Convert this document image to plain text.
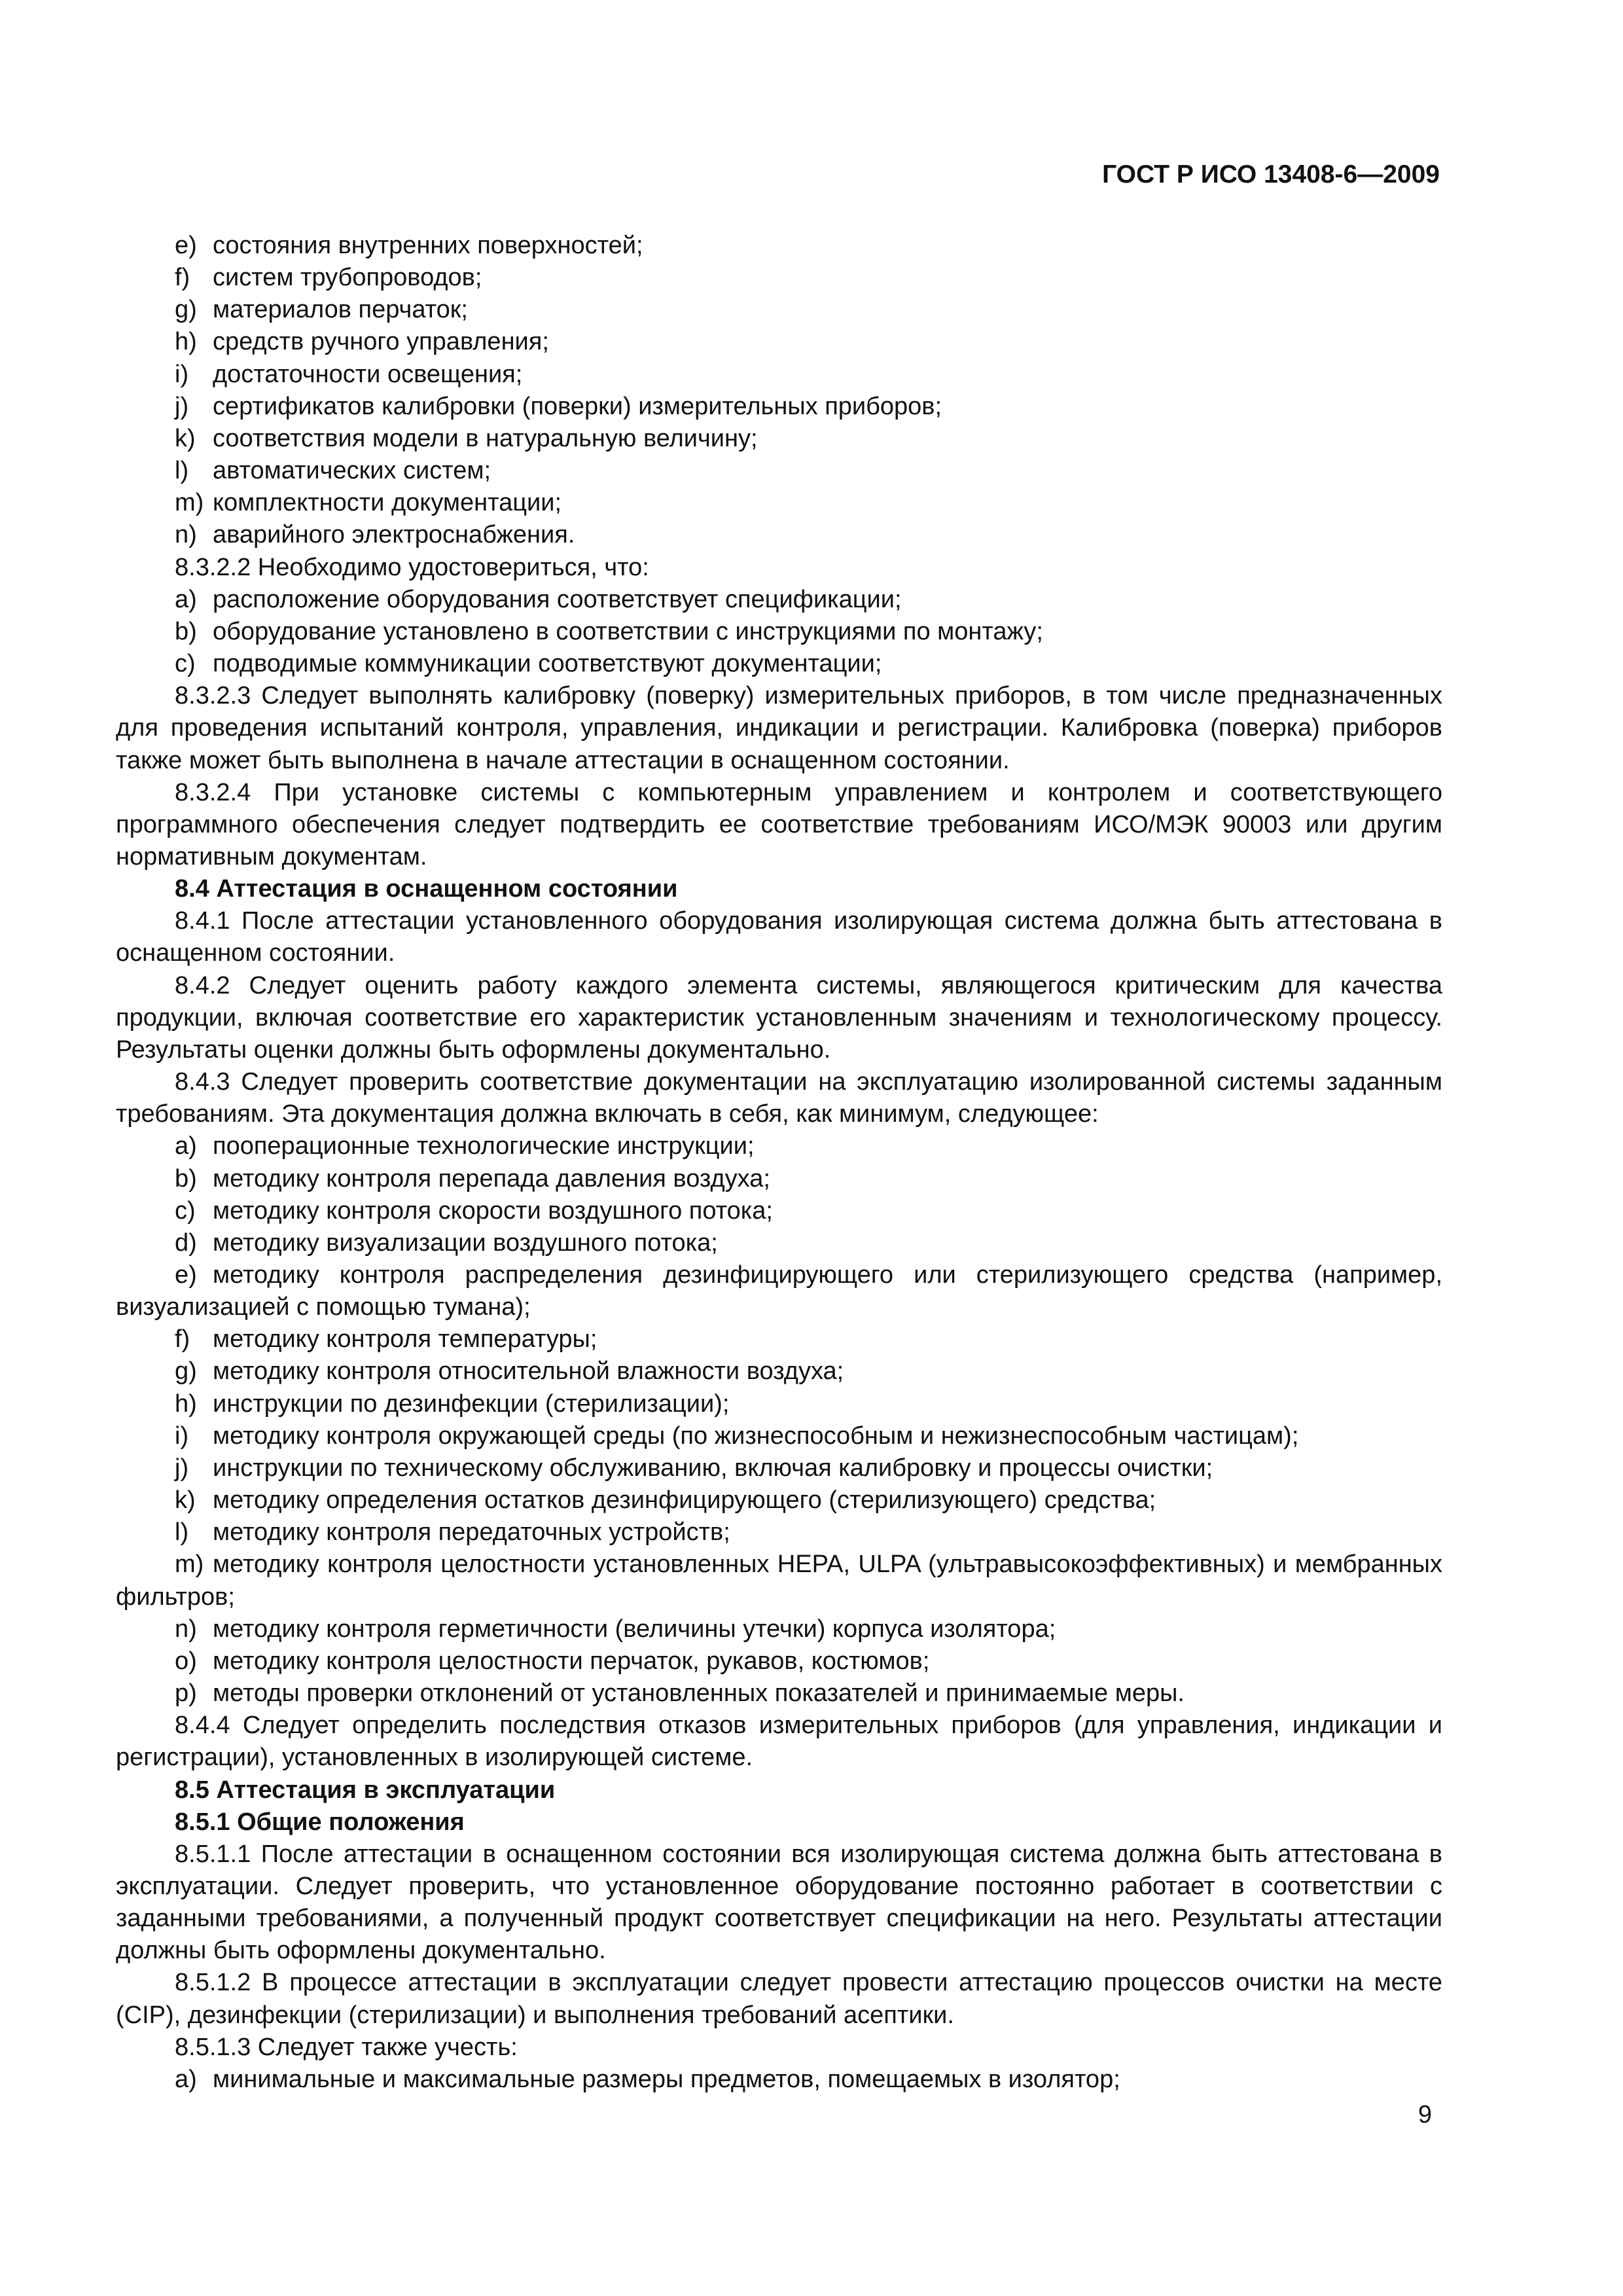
ГОСТ Р ИСО 13408-6—2009

e) состояния внутренних поверхностей;

f) систем трубопроводов;

g) материалов перчаток;

h) средств ручного управления;

i) достаточности освещения;

j) сертификатов калибровки (поверки) измерительных приборов;

k) соответствия модели в натуральную величину;

l) автоматических систем;

m) комплектности документации;

n) аварийного электроснабжения.

8.3.2.2 Необходимо удостовериться, что:

a) расположение оборудования соответствует спецификации;

b) оборудование установлено в соответствии с инструкциями по монтажу;

c) подводимые коммуникации соответствуют документации;

8.3.2.3 Следует выполнять калибровку (поверку) измерительных приборов, в том числе предназначенных для проведения испытаний контроля, управления, индикации и регистрации. Калибровка (поверка) приборов также может быть выполнена в начале аттестации в оснащенном состоянии.

8.3.2.4 При установке системы с компьютерным управлением и контролем и соответствующего программного обеспечения следует подтвердить ее соответствие требованиям ИСО/МЭК 90003 или другим нормативным документам.

8.4 Аттестация в оснащенном состоянии

8.4.1 После аттестации установленного оборудования изолирующая система должна быть аттестована в оснащенном состоянии.

8.4.2 Следует оценить работу каждого элемента системы, являющегося критическим для качества продукции, включая соответствие его характеристик установленным значениям и технологическому процессу. Результаты оценки должны быть оформлены документально.

8.4.3 Следует проверить соответствие документации на эксплуатацию изолированной системы заданным требованиям. Эта документация должна включать в себя, как минимум, следующее:

a) пооперационные технологические инструкции;

b) методику контроля перепада давления воздуха;

c) методику контроля скорости воздушного потока;

d) методику визуализации воздушного потока;

e) методику контроля распределения дезинфицирующего или стерилизующего средства (например, визуализацией с помощью тумана);

f) методику контроля температуры;

g) методику контроля относительной влажности воздуха;

h) инструкции по дезинфекции (стерилизации);

i) методику контроля окружающей среды (по жизнеспособным и нежизнеспособным частицам);

j) инструкции по техническому обслуживанию, включая калибровку и процессы очистки;

k) методику определения остатков дезинфицирующего (стерилизующего) средства;

l) методику контроля передаточных устройств;

m) методику контроля целостности установленных HEPA, ULPA (ультравысокоэффективных) и мембранных фильтров;

n) методику контроля герметичности (величины утечки) корпуса изолятора;

o) методику контроля целостности перчаток, рукавов, костюмов;

p) методы проверки отклонений от установленных показателей и принимаемые меры.

8.4.4 Следует определить последствия отказов измерительных приборов (для управления, индикации и регистрации), установленных в изолирующей системе.

8.5 Аттестация в эксплуатации

8.5.1 Общие положения

8.5.1.1 После аттестации в оснащенном состоянии вся изолирующая система должна быть аттестована в эксплуатации. Следует проверить, что установленное оборудование постоянно работает в соответствии с заданными требованиями, а полученный продукт соответствует спецификации на него. Результаты аттестации должны быть оформлены документально.

8.5.1.2 В процессе аттестации в эксплуатации следует провести аттестацию процессов очистки на месте (CIP), дезинфекции (стерилизации) и выполнения требований асептики.

8.5.1.3 Следует также учесть:

a) минимальные и максимальные размеры предметов, помещаемых в изолятор;

9
